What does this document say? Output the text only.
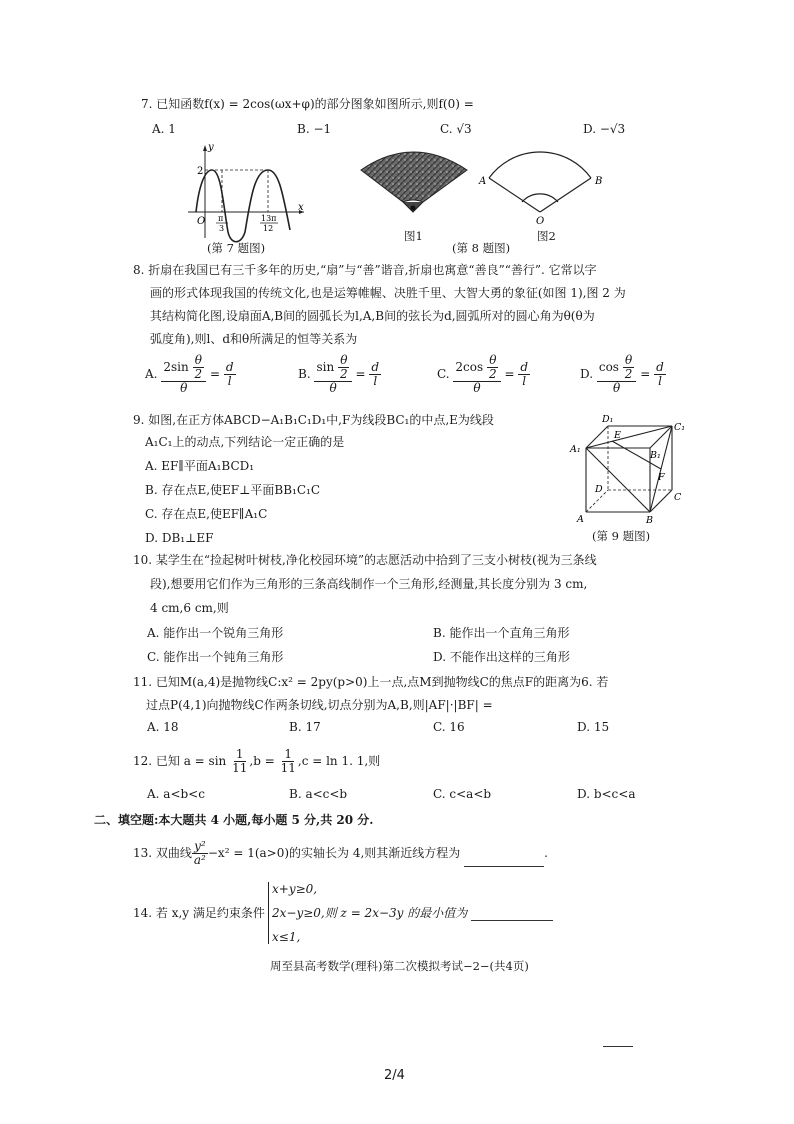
7. 已知函数f(x) = 2cos(ωx+φ)的部分图象如图所示,则f(0) =
A. 1	B. −1	C. √3	D. −√3
y
x
2
O π
3
13π
12
(第 7 题图)
图1
A	B
O
(第 8 题图)
图2
8. 折扇在我国已有三千多年的历史,“扇”与“善”谐音,折扇也寓意“善良”“善行”. 它常以字
画的形式体现我国的传统文化,也是运筹帷幄、决胜千里、大智大勇的象征(如图 1),图 2 为
其结构简化图,设扇面A,B间的圆弧长为l,A,B间的弦长为d,圆弧所对的圆心角为θ(θ为
弧度角),则l、d和θ所满足的恒等关系为
A. $\frac{2\sin \frac{\theta}{2}}{\theta} = \frac{d}{l}$	B. $\frac{\sin \frac{\theta}{2}}{\theta} = \frac{d}{l}$	C. $\frac{2\cos \frac{\theta}{2}}{\theta} = \frac{d}{l}$	D. $\frac{\cos \frac{\theta}{2}}{\theta} = \frac{d}{l}$
9. 如图,在正方体ABCD−A₁B₁C₁D₁中,F为线段BC₁的中点,E为线段
A₁C₁上的动点,下列结论一定正确的是
A. EF∥平面A₁BCD₁
B. 存在点E,使EF⊥平面BB₁C₁C
C. 存在点E,使EF∥A₁C
D. DB₁⊥EF
D₁
C₁
A₁
B₁
E
F
D
C
A	B
(第 9 题图)
10. 某学生在“捡起树叶树枝,净化校园环境”的志愿活动中拾到了三支小树枝(视为三条线
段),想要用它们作为三角形的三条高线制作一个三角形,经测量,其长度分别为 3 cm,
4 cm,6 cm,则
A. 能作出一个锐角三角形	B. 能作出一个直角三角形
C. 能作出一个钝角三角形	D. 不能作出这样的三角形
11. 已知M(a,4)是抛物线C:x² = 2py(p>0)上一点,点M到抛物线C的焦点F的距离为6. 若
过点P(4,1)向抛物线C作两条切线,切点分别为A,B,则|AF|·|BF| =
A. 18	B. 17	C. 16	D. 15
12. 已知 $a = \sin \frac{1}{11} ,b = \frac{1}{11} ,c = \ln 1$. 1,则
A. a<b<c	B. a<c<b	C. c<a<b	D. b<c<a
二、填空题:本大题共 4 小题,每小题 5 分,共 20 分.
13. 双曲线 $\frac{\text{y²}}{\text{a²}} -x^2 = 1(a>0)$的实轴长为 4,则其渐近线方程为	.
14. 若 x,y 满足约束条件
x+y≥0,
2x−y≥0,则 z = 2x−3y 的最小值为
x≤1,
周至县高考数学(理科)第二次模拟考试−2−(共4页)
2/4
